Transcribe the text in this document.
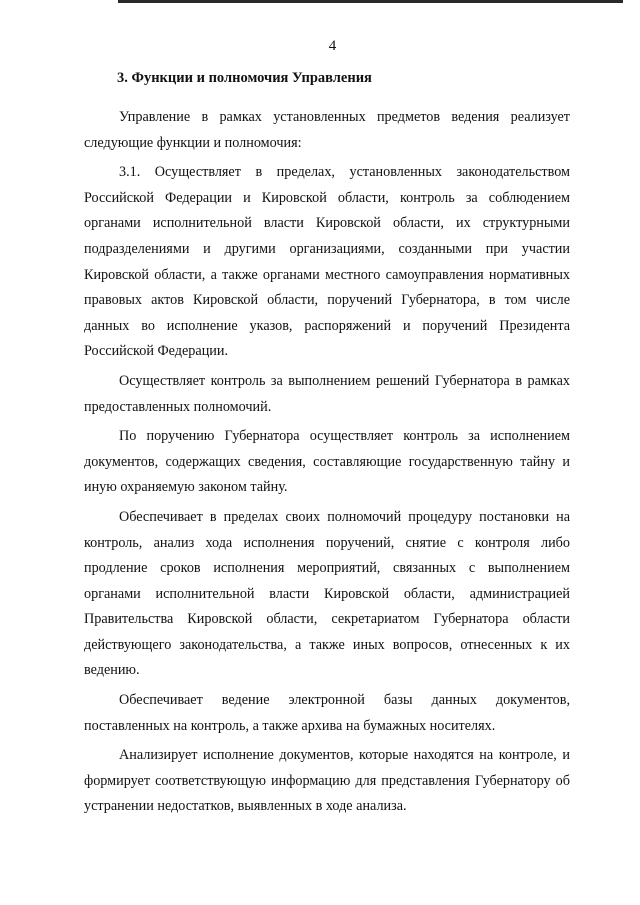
4
3. Функции и полномочия Управления

Управление в рамках установленных предметов ведения реализует следующие функции и полномочия:

3.1. Осуществляет в пределах, установленных законодательством Российской Федерации и Кировской области, контроль за соблюдением органами исполнительной власти Кировской области, их структурными подразделениями и другими организациями, созданными при участии Кировской области, а также органами местного самоуправления нормативных правовых актов Кировской области, поручений Губернатора, в том числе данных во исполнение указов, распоряжений и поручений Президента Российской Федерации.

Осуществляет контроль за выполнением решений Губернатора в рамках предоставленных полномочий.

По поручению Губернатора осуществляет контроль за исполнением документов, содержащих сведения, составляющие государственную тайну и иную охраняемую законом тайну.

Обеспечивает в пределах своих полномочий процедуру постановки на контроль, анализ хода исполнения поручений, снятие с контроля либо продление сроков исполнения мероприятий, связанных с выполнением органами исполнительной власти Кировской области, администрацией Правительства Кировской области, секретариатом Губернатора области действующего законодательства, а также иных вопросов, отнесенных к их ведению.

Обеспечивает ведение электронной базы данных документов, поставленных на контроль, а также архива на бумажных носителях.

Анализирует исполнение документов, которые находятся на контроле, и формирует соответствующую информацию для представления Губернатору об устранении недостатков, выявленных в ходе анализа.
